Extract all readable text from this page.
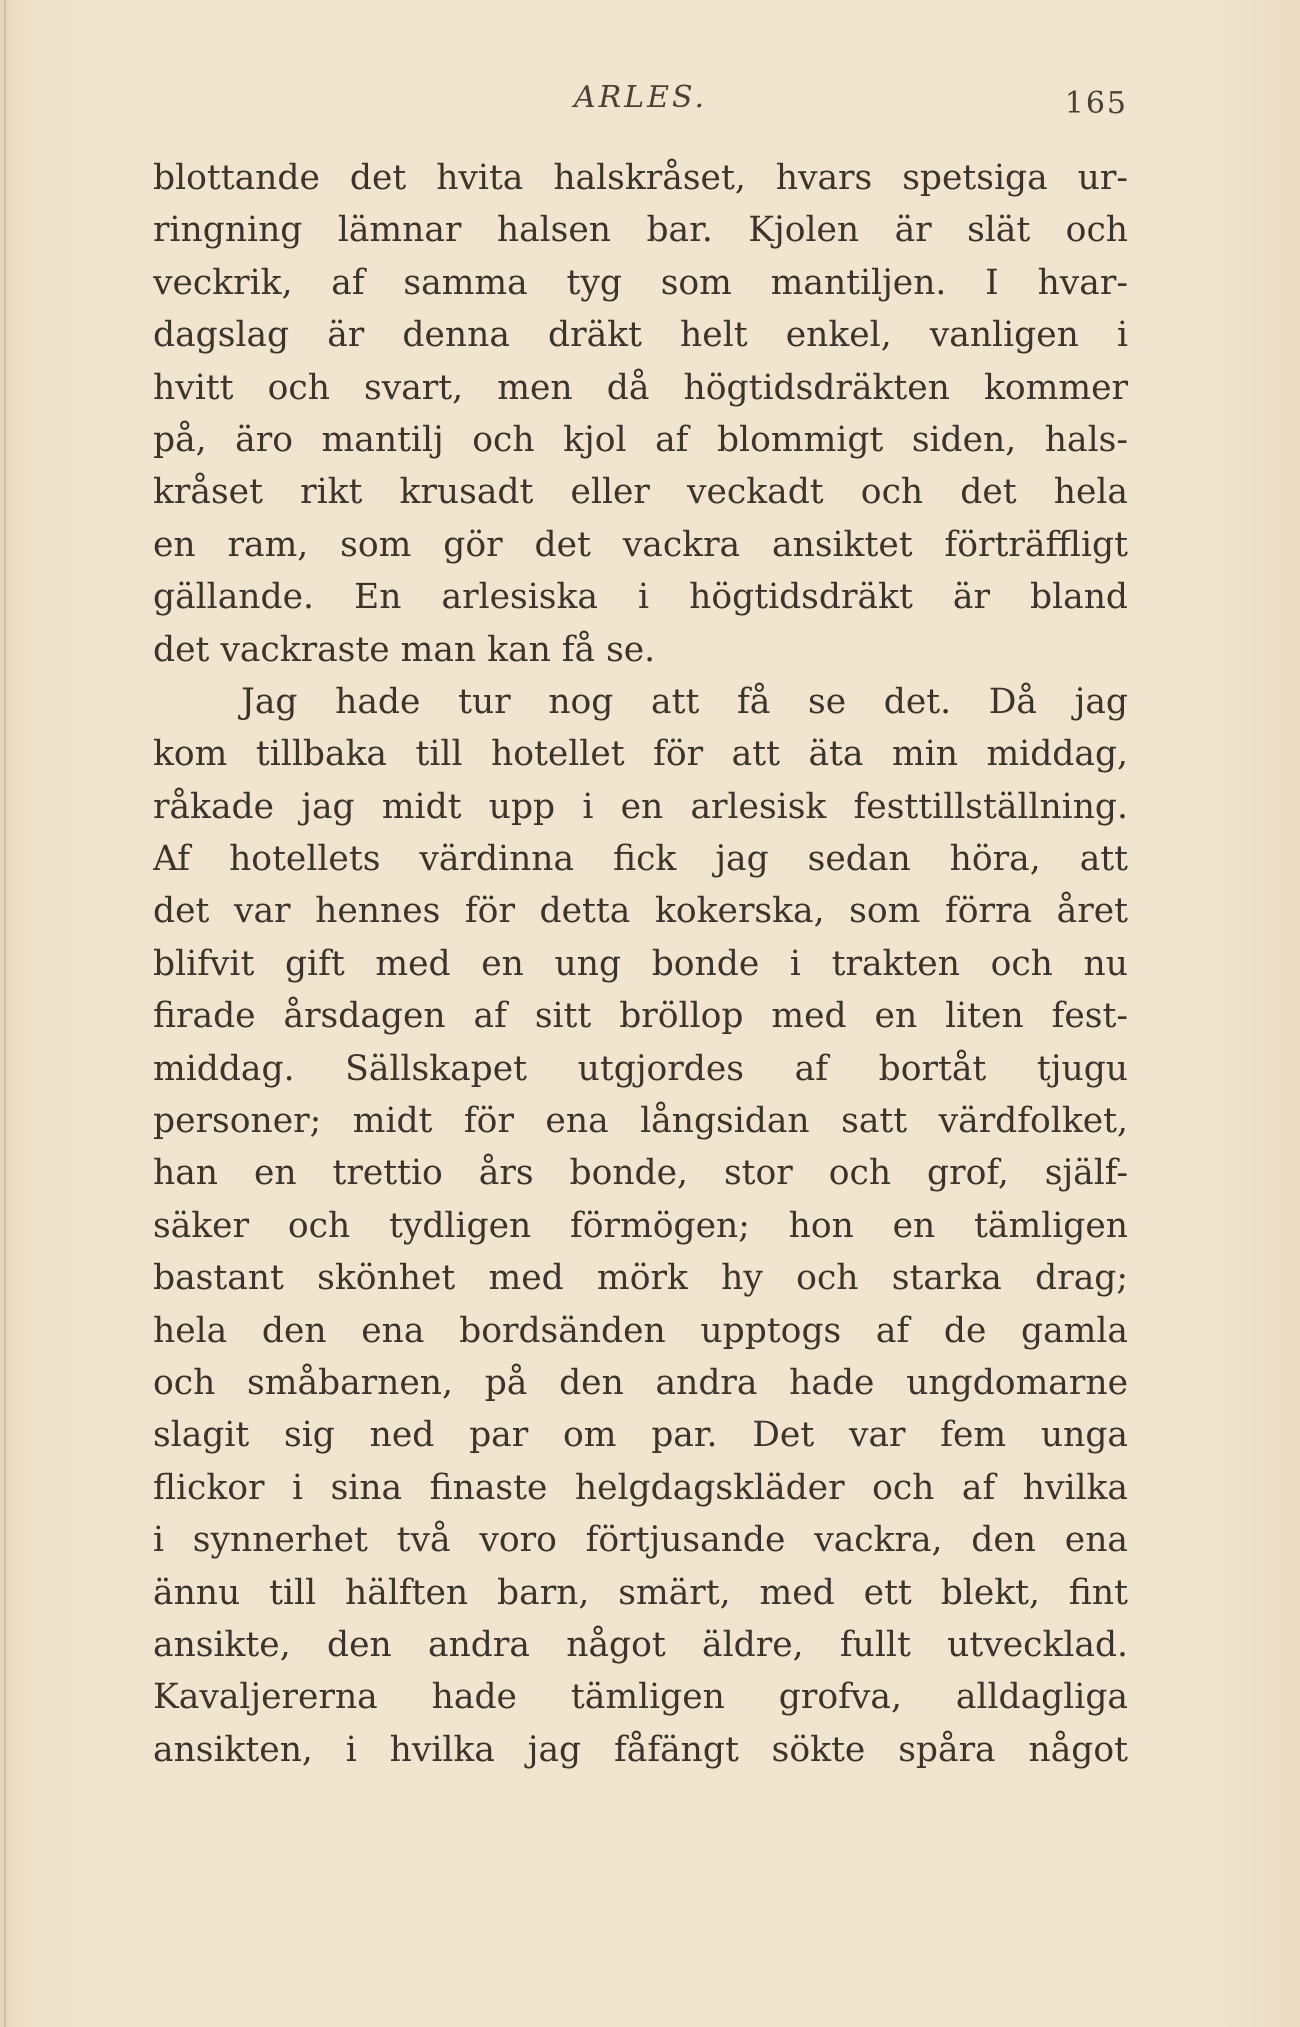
ARLES.	165
blottande det hvita halskråset, hvars spetsiga ur-
ringning lämnar halsen bar. Kjolen är slät och
veckrik, af samma tyg som mantiljen. I hvar-
dagslag är denna dräkt helt enkel, vanligen i
hvitt och svart, men då högtidsdräkten kommer
på, äro mantilj och kjol af blommigt siden, hals-
kråset rikt krusadt eller veckadt och det hela
en ram, som gör det vackra ansiktet förträffligt
gällande. En arlesiska i högtidsdräkt är bland
det vackraste man kan få se.
Jag hade tur nog att få se det. Då jag
kom tillbaka till hotellet för att äta min middag,
råkade jag midt upp i en arlesisk festtillställning.
Af hotellets värdinna fick jag sedan höra, att
det var hennes för detta kokerska, som förra året
blifvit gift med en ung bonde i trakten och nu
firade årsdagen af sitt bröllop med en liten fest-
middag. Sällskapet utgjordes af bortåt tjugu
personer; midt för ena långsidan satt värdfolket,
han en trettio års bonde, stor och grof, själf-
säker och tydligen förmögen; hon en tämligen
bastant skönhet med mörk hy och starka drag;
hela den ena bordsänden upptogs af de gamla
och småbarnen, på den andra hade ungdomarne
slagit sig ned par om par. Det var fem unga
flickor i sina finaste helgdagskläder och af hvilka
i synnerhet två voro förtjusande vackra, den ena
ännu till hälften barn, smärt, med ett blekt, fint
ansikte, den andra något äldre, fullt utvecklad.
Kavaljererna hade tämligen grofva, alldagliga
ansikten, i hvilka jag fåfängt sökte spåra något
